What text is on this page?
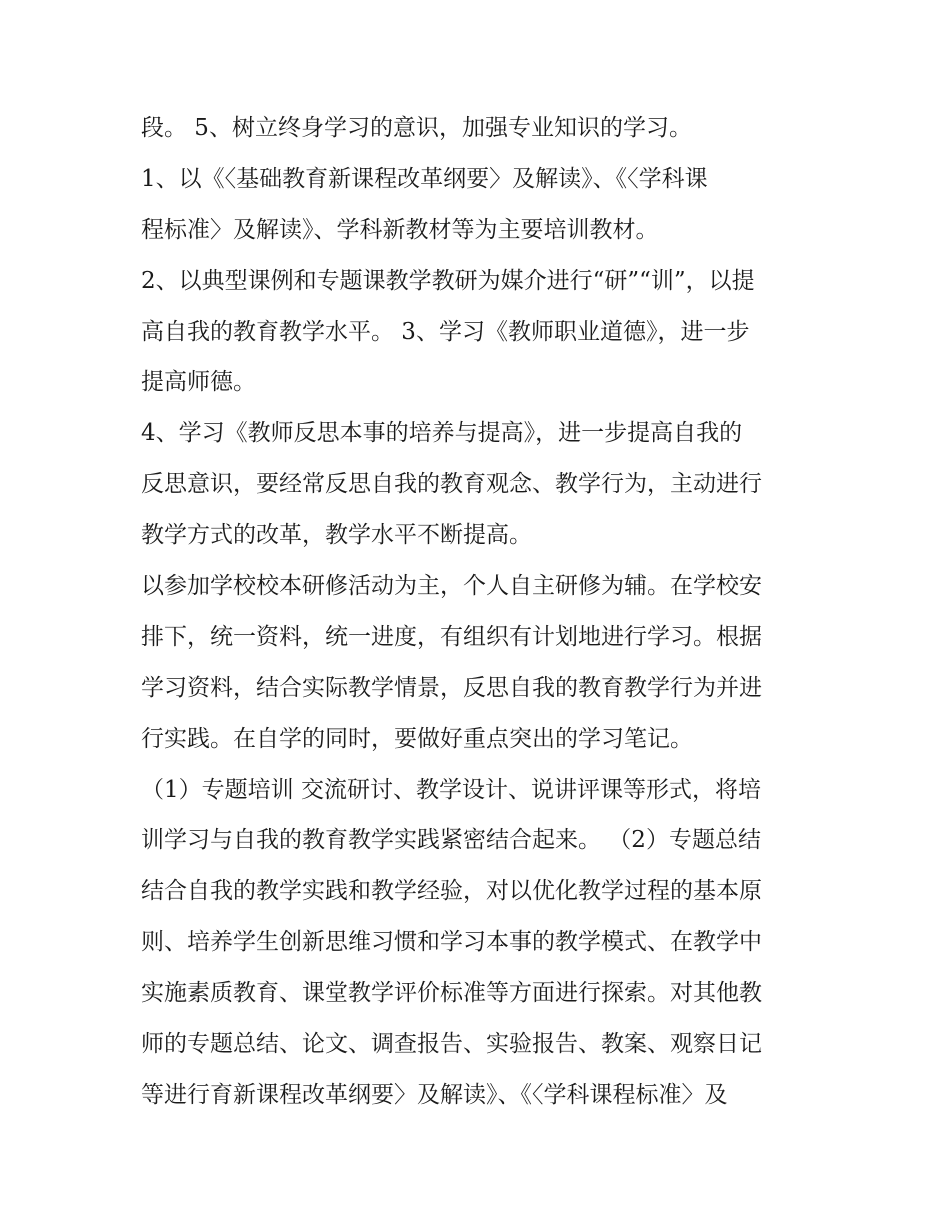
段。 5、树立终身学习的意识，加强专业知识的学习。
1、以《〈基础教育新课程改革纲要〉及解读》、《〈学科课
程标准〉及解读》、学科新教材等为主要培训教材。
2、以典型课例和专题课教学教研为媒介进行“研”“训”，以提
高自我的教育教学水平。 3、学习《教师职业道德》，进一步
提高师德。
4、学习《教师反思本事的培养与提高》，进一步提高自我的
反思意识，要经常反思自我的教育观念、教学行为，主动进行
教学方式的改革，教学水平不断提高。
以参加学校校本研修活动为主，个人自主研修为辅。在学校安
排下，统一资料，统一进度，有组织有计划地进行学习。根据
学习资料，结合实际教学情景，反思自我的教育教学行为并进
行实践。在自学的同时，要做好重点突出的学习笔记。
（1）专题培训 交流研讨、教学设计、说讲评课等形式，将培
训学习与自我的教育教学实践紧密结合起来。 （2）专题总结
结合自我的教学实践和教学经验，对以优化教学过程的基本原
则、培养学生创新思维习惯和学习本事的教学模式、在教学中
实施素质教育、课堂教学评价标准等方面进行探索。对其他教
师的专题总结、论文、调查报告、实验报告、教案、观察日记
等进行育新课程改革纲要〉及解读》、《〈学科课程标准〉及
